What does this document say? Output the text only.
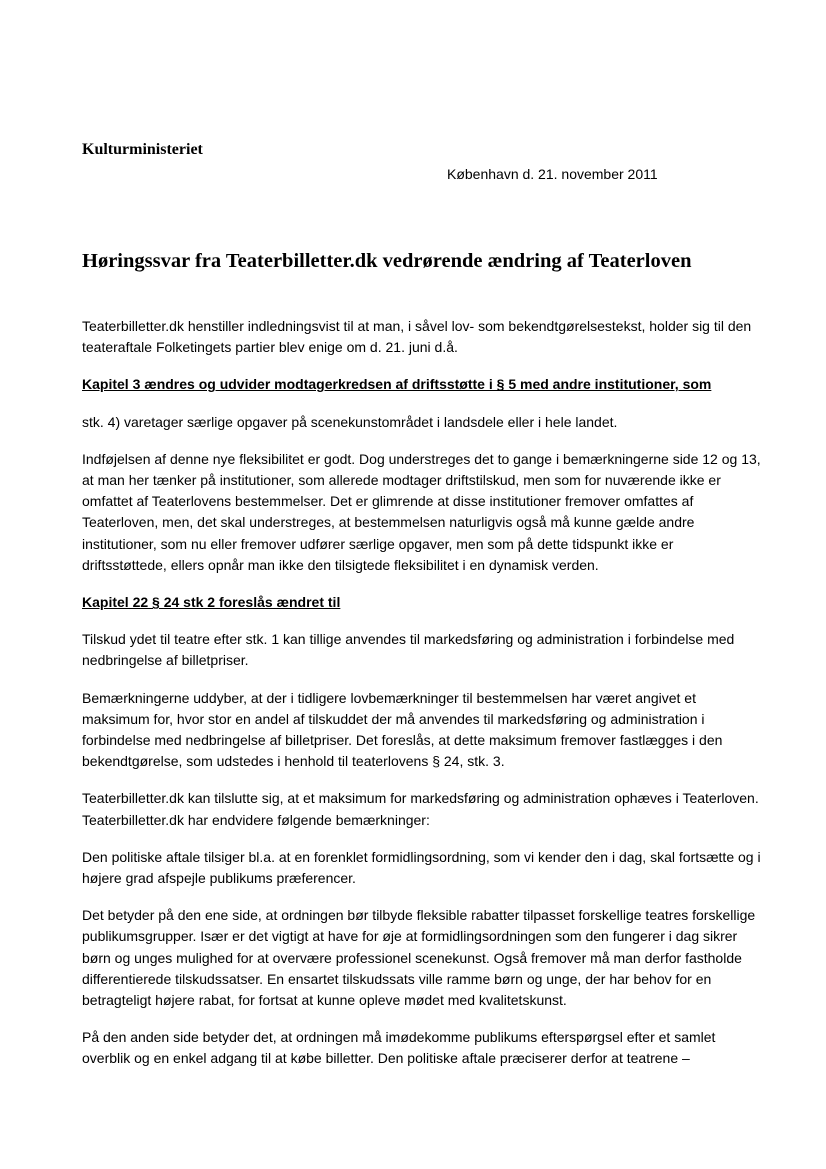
Kulturministeriet

København d. 21. november 2011

Høringssvar fra Teaterbilletter.dk vedrørende ændring af Teaterloven

Teaterbilletter.dk henstiller indledningsvist til at man, i såvel lov- som bekendtgørelsestekst, holder sig til den teateraftale Folketingets partier blev enige om d. 21. juni d.å.

Kapitel 3 ændres og udvider modtagerkredsen af driftsstøtte i § 5 med andre institutioner, som

stk. 4) varetager særlige opgaver på scenekunstområdet i landsdele eller i hele landet.

Indføjelsen af denne nye fleksibilitet er godt. Dog understreges det to gange i bemærkningerne side 12 og 13, at man her tænker på institutioner, som allerede modtager driftstilskud, men som for nuværende ikke er omfattet af Teaterlovens bestemmelser. Det er glimrende at disse institutioner fremover omfattes af Teaterloven, men, det skal understreges, at bestemmelsen naturligvis også må kunne gælde andre institutioner, som nu eller fremover udfører særlige opgaver, men som på dette tidspunkt ikke er driftsstøttede, ellers opnår man ikke den tilsigtede fleksibilitet i en dynamisk verden.

Kapitel 22 § 24 stk 2 foreslås ændret til

Tilskud ydet til teatre efter stk. 1 kan tillige anvendes til markedsføring og administration i forbindelse med nedbringelse af billetpriser.

Bemærkningerne uddyber, at der i tidligere lovbemærkninger til bestemmelsen har været angivet et maksimum for, hvor stor en andel af tilskuddet der må anvendes til markedsføring og administration i forbindelse med nedbringelse af billetpriser. Det foreslås, at dette maksimum fremover fastlægges i den bekendtgørelse, som udstedes i henhold til teaterlovens § 24, stk. 3.

Teaterbilletter.dk kan tilslutte sig, at et maksimum for markedsføring og administration ophæves i Teaterloven. Teaterbilletter.dk har endvidere følgende bemærkninger:

Den politiske aftale tilsiger bl.a. at en forenklet formidlingsordning, som vi kender den i dag, skal fortsætte og i højere grad afspejle publikums præferencer.

Det betyder på den ene side, at ordningen bør tilbyde fleksible rabatter tilpasset forskellige teatres forskellige publikumsgrupper. Især er det vigtigt at have for øje at formidlingsordningen som den fungerer i dag sikrer børn og unges mulighed for at overvære professionel scenekunst. Også fremover må man derfor fastholde differentierede tilskudssatser. En ensartet tilskudssats ville ramme børn og unge, der har behov for en betragteligt højere rabat, for fortsat at kunne opleve mødet med kvalitetskunst.

På den anden side betyder det, at ordningen må imødekomme publikums efterspørgsel efter et samlet overblik og en enkel adgang til at købe billetter. Den politiske aftale præciserer derfor at teatrene –
